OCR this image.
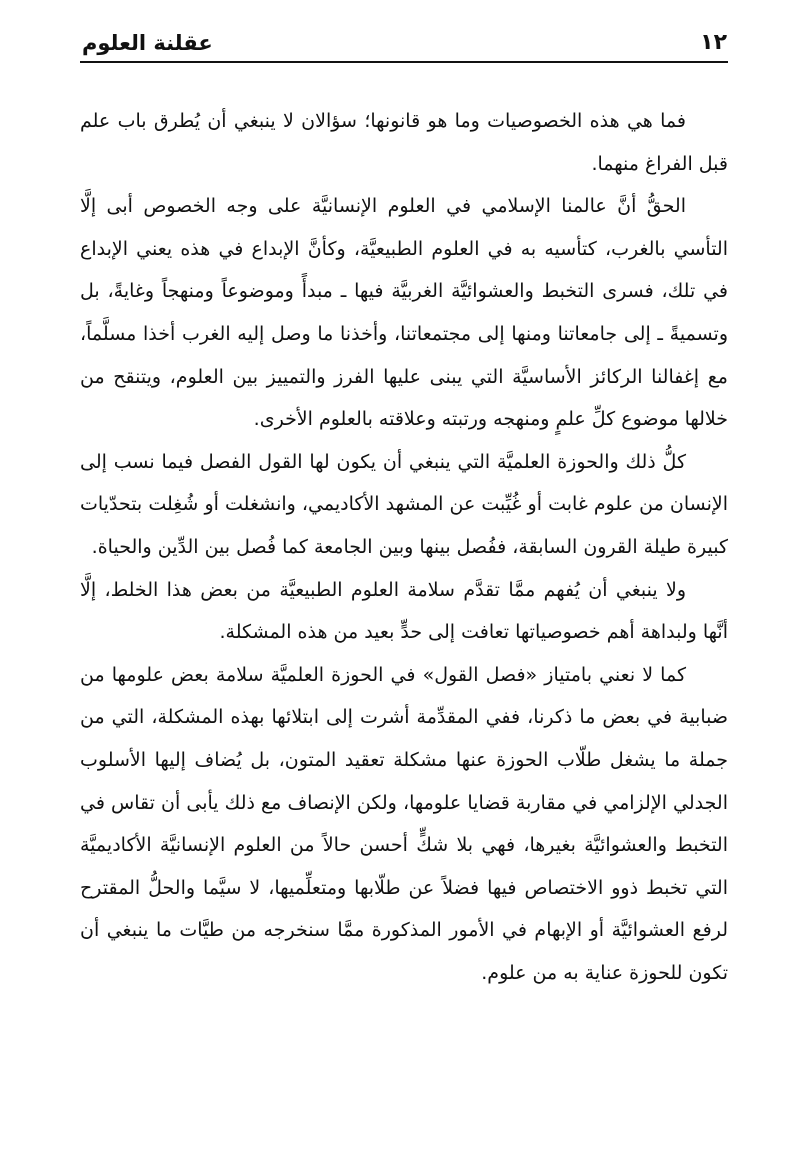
١٢
عقلنة العلوم

فما هي هذه الخصوصيات وما هو قانونها؛ سؤالان لا ينبغي أن يُطرق باب علم قبل الفراغ منهما.

الحقُّ أنَّ عالمنا الإسلامي في العلوم الإنسانيَّة على وجه الخصوص أبى إلَّا التأسي بالغرب، كتأسيه به في العلوم الطبيعيَّة، وكأنَّ الإبداع في هذه يعني الإبداع في تلك، فسرى التخبط والعشوائيَّة الغربيَّة فيها ـ مبدأً وموضوعاً ومنهجاً وغايةً، بل وتسميةً ـ إلى جامعاتنا ومنها إلى مجتمعاتنا، وأخذنا ما وصل إليه الغرب أخذا مسلَّماً، مع إغفالنا الركائز الأساسيَّة التي يبنى عليها الفرز والتمييز بين العلوم، ويتنقح من خلالها موضوع كلِّ علمٍ ومنهجه ورتبته وعلاقته بالعلوم الأخرى.

كلُّ ذلك والحوزة العلميَّة التي ينبغي أن يكون لها القول الفصل فيما نسب إلى الإنسان من علوم غابت أو غُيِّبت عن المشهد الأكاديمي، وانشغلت أو شُغِلت بتحدّيات كبيرة طيلة القرون السابقة، ففُصل بينها وبين الجامعة كما فُصل بين الدِّين والحياة.

ولا ينبغي أن يُفهم ممَّا تقدَّم سلامة العلوم الطبيعيَّة من بعض هذا الخلط، إلَّا أنَّها ولبداهة أهم خصوصياتها تعافت إلى حدٍّ بعيد من هذه المشكلة.

كما لا نعني بامتياز «فصل القول» في الحوزة العلميَّة سلامة بعض علومها من ضبابية في بعض ما ذكرنا، ففي المقدِّمة أشرت إلى ابتلائها بهذه المشكلة، التي من جملة ما يشغل طلّاب الحوزة عنها مشكلة تعقيد المتون، بل يُضاف إليها الأسلوب الجدلي الإلزامي في مقاربة قضايا علومها، ولكن الإنصاف مع ذلك يأبى أن تقاس في التخبط والعشوائيَّة بغيرها، فهي بلا شكٍّ أحسن حالاً من العلوم الإنسانيَّة الأكاديميَّة التي تخبط ذوو الاختصاص فيها فضلاً عن طلّابها ومتعلِّميها، لا سيَّما والحلُّ المقترح لرفع العشوائيَّة أو الإبهام في الأمور المذكورة ممَّا سنخرجه من طيَّات ما ينبغي أن تكون للحوزة عناية به من علوم.
